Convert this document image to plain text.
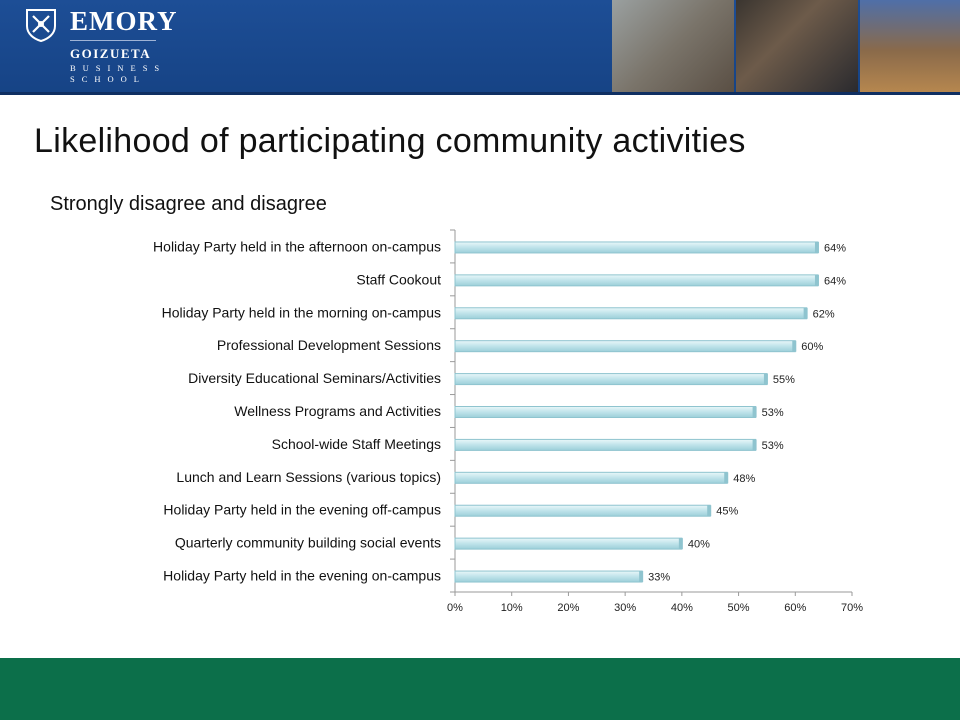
EMORY
GOIZUETA
BUSINESS
SCHOOL
Likelihood of participating community activities
Strongly disagree and disagree
0%	10%	20%	30%	40%	50%	60%	70%
Holiday Party held in the afternoon on-campus	64%
Staff Cookout	64%
Holiday Party held in the morning on-campus	62%
Professional Development Sessions	60%
Diversity Educational Seminars/Activities	55%
Wellness Programs and Activities	53%
School-wide Staff Meetings	53%
Lunch and Learn Sessions (various topics)	48%
Holiday Party held in the evening off-campus	45%
Quarterly community building social events	40%
Holiday Party held in the evening on-campus	33%
